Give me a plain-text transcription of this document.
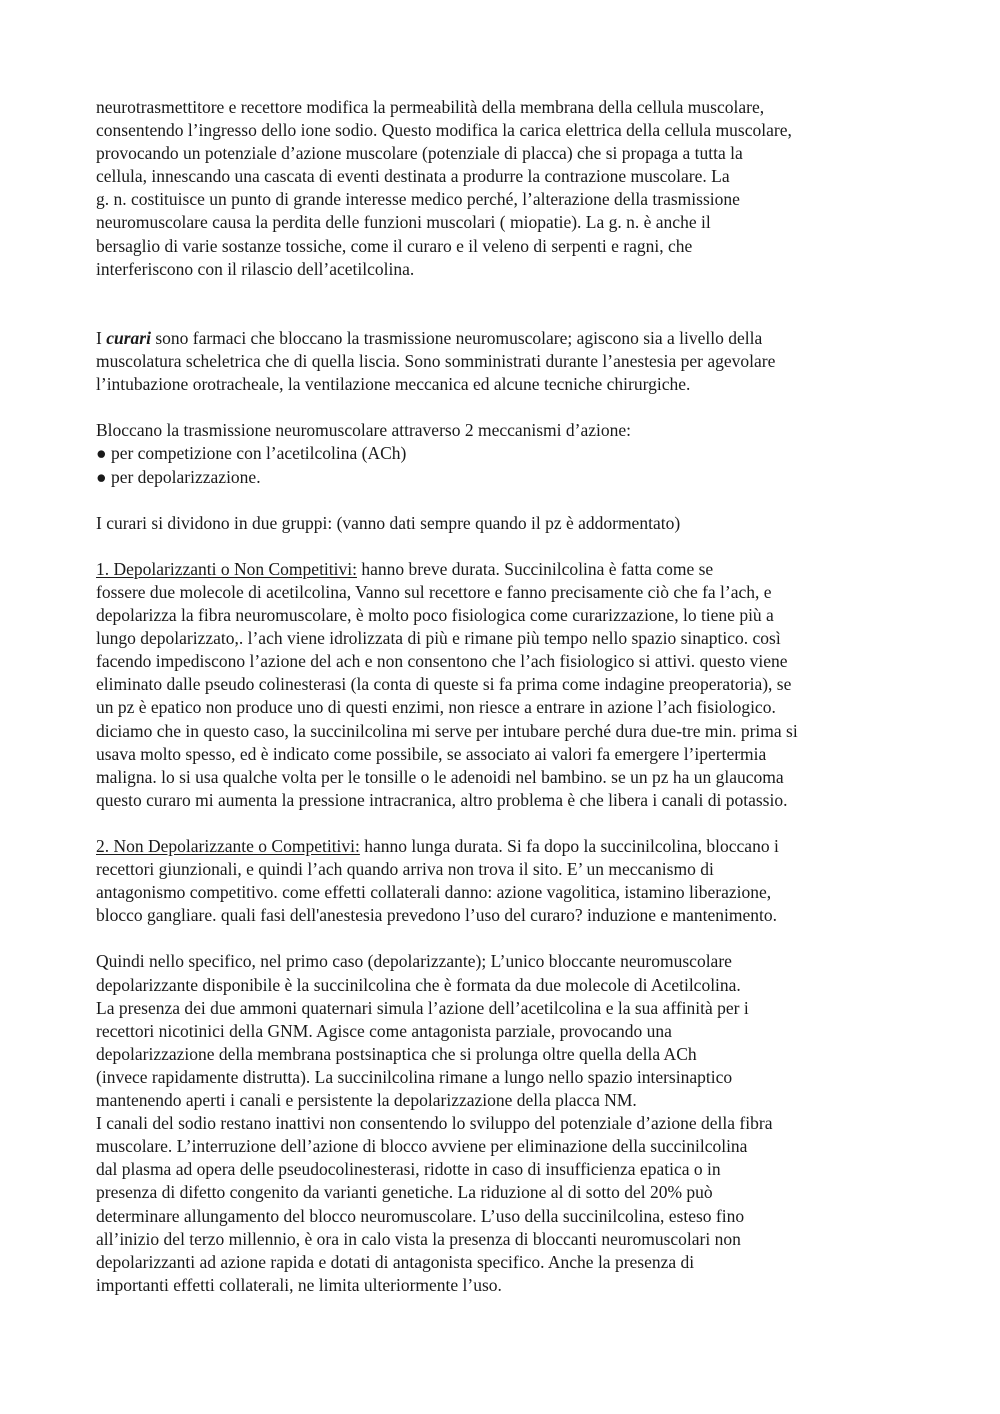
neurotrasmettitore e recettore modifica la permeabilità della membrana della cellula muscolare,
consentendo l’ingresso dello ione sodio. Questo modifica la carica elettrica della cellula muscolare,
provocando un potenziale d’azione muscolare (potenziale di placca) che si propaga a tutta la
cellula, innescando una cascata di eventi destinata a produrre la contrazione muscolare. La
g. n. costituisce un punto di grande interesse medico perché, l’alterazione della trasmissione
neuromuscolare causa la perdita delle funzioni muscolari ( miopatie). La g. n. è anche il
bersaglio di varie sostanze tossiche, come il curaro e il veleno di serpenti e ragni, che
interferiscono con il rilascio dell’acetilcolina.
I curari sono farmaci che bloccano la trasmissione neuromuscolare; agiscono sia a livello della
muscolatura scheletrica che di quella liscia. Sono somministrati durante l’anestesia per agevolare
l’intubazione orotracheale, la ventilazione meccanica ed alcune tecniche chirurgiche.
Bloccano la trasmissione neuromuscolare attraverso 2 meccanismi d’azione:
● per competizione con l’acetilcolina (ACh)
● per depolarizzazione.
I curari si dividono in due gruppi: (vanno dati sempre quando il pz è addormentato)
1. Depolarizzanti o Non Competitivi: hanno breve durata. Succinilcolina è fatta come se
fossere due molecole di acetilcolina, Vanno sul recettore e fanno precisamente ciò che fa l’ach, e
depolarizza la fibra neuromuscolare, è molto poco fisiologica come curarizzazione, lo tiene più a
lungo depolarizzato,. l’ach viene idrolizzata di più e rimane più tempo nello spazio sinaptico. così
facendo impediscono l’azione del ach e non consentono che l’ach fisiologico si attivi. questo viene
eliminato dalle pseudo colinesterasi (la conta di queste si fa prima come indagine preoperatoria), se
un pz è epatico non produce uno di questi enzimi, non riesce a entrare in azione l’ach fisiologico.
diciamo che in questo caso, la succinilcolina mi serve per intubare perché dura due-tre min. prima si
usava molto spesso, ed è indicato come possibile, se associato ai valori fa emergere l’ipertermia
maligna. lo si usa qualche volta per le tonsille o le adenoidi nel bambino. se un pz ha un glaucoma
questo curaro mi aumenta la pressione intracranica, altro problema è che libera i canali di potassio.
2. Non Depolarizzante o Competitivi: hanno lunga durata. Si fa dopo la succinilcolina, bloccano i
recettori giunzionali, e quindi l’ach quando arriva non trova il sito. E’ un meccanismo di
antagonismo competitivo. come effetti collaterali danno: azione vagolitica, istamino liberazione,
blocco gangliare. quali fasi dell'anestesia prevedono l’uso del curaro? induzione e mantenimento.
Quindi nello specifico, nel primo caso (depolarizzante); L’unico bloccante neuromuscolare
depolarizzante disponibile è la succinilcolina che è formata da due molecole di Acetilcolina.
La presenza dei due ammoni quaternari simula l’azione dell’acetilcolina e la sua affinità per i
recettori nicotinici della GNM. Agisce come antagonista parziale, provocando una
depolarizzazione della membrana postsinaptica che si prolunga oltre quella della ACh
(invece rapidamente distrutta). La succinilcolina rimane a lungo nello spazio intersinaptico
mantenendo aperti i canali e persistente la depolarizzazione della placca NM.
I canali del sodio restano inattivi non consentendo lo sviluppo del potenziale d’azione della fibra
muscolare. L’interruzione dell’azione di blocco avviene per eliminazione della succinilcolina
dal plasma ad opera delle pseudocolinesterasi, ridotte in caso di insufficienza epatica o in
presenza di difetto congenito da varianti genetiche. La riduzione al di sotto del 20% può
determinare allungamento del blocco neuromuscolare. L’uso della succinilcolina, esteso fino
all’inizio del terzo millennio, è ora in calo vista la presenza di bloccanti neuromuscolari non
depolarizzanti ad azione rapida e dotati di antagonista specifico. Anche la presenza di
importanti effetti collaterali, ne limita ulteriormente l’uso.
